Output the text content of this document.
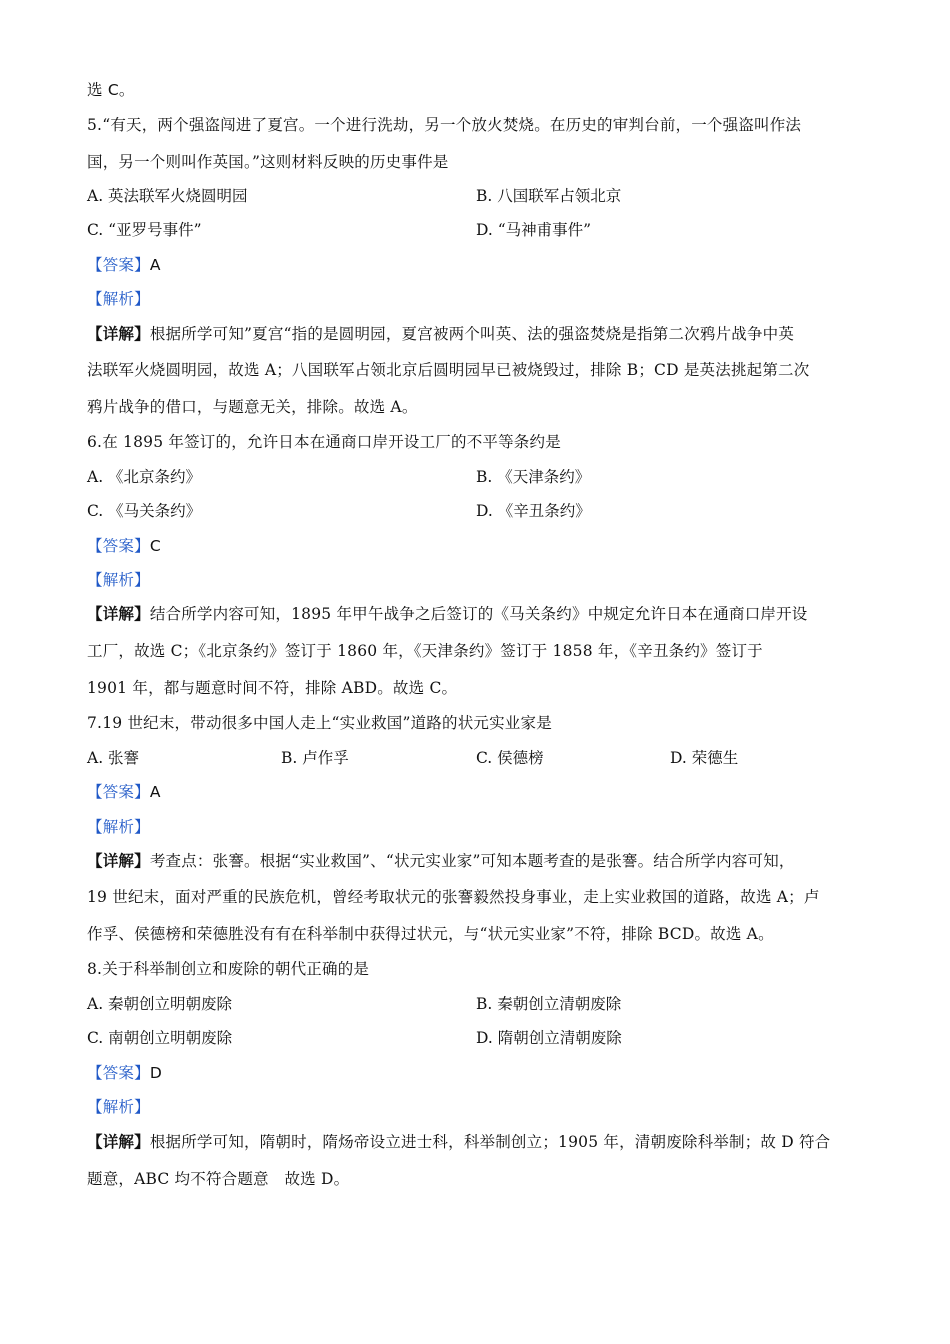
选 C。
5.“有天，两个强盗闯进了夏宫。一个进行洗劫，另一个放火焚烧。在历史的审判台前，一个强盗叫作法
国，另一个则叫作英国。”这则材料反映的历史事件是
A. 英法联军火烧圆明园	B. 八国联军占领北京
C. “亚罗号事件”	D. “马神甫事件”
【答案】A
【解析】
【详解】根据所学可知”夏宫“指的是圆明园，夏宫被两个叫英、法的强盗焚烧是指第二次鸦片战争中英
法联军火烧圆明园，故选 A；八国联军占领北京后圆明园早已被烧毁过，排除 B；CD 是英法挑起第二次
鸦片战争的借口，与题意无关，排除。故选 A。
6.在 1895 年签订的，允许日本在通商口岸开设工厂的不平等条约是
A. 《北京条约》	B. 《天津条约》
C. 《马关条约》	D. 《辛丑条约》
【答案】C
【解析】
【详解】结合所学内容可知，1895 年甲午战争之后签订的《马关条约》中规定允许日本在通商口岸开设
工厂，故选 C；《北京条约》签订于 1860 年，《天津条约》签订于 1858 年，《辛丑条约》签订于
1901 年，都与题意时间不符，排除 ABD。故选 C。
7.19 世纪末，带动很多中国人走上“实业救国”道路的状元实业家是
A. 张謇	B. 卢作孚	C. 侯德榜	D. 荣德生
【答案】A
【解析】
【详解】考查点：张謇。根据“实业救国”、“状元实业家”可知本题考查的是张謇。结合所学内容可知，
19 世纪末，面对严重的民族危机，曾经考取状元的张謇毅然投身事业，走上实业救国的道路，故选 A；卢
作孚、侯德榜和荣德胜没有有在科举制中获得过状元，与“状元实业家”不符，排除 BCD。故选 A。
8.关于科举制创立和废除的朝代正确的是
A. 秦朝创立明朝废除	B. 秦朝创立清朝废除
C. 南朝创立明朝废除	D. 隋朝创立清朝废除
【答案】D
【解析】
【详解】根据所学可知，隋朝时，隋炀帝设立进士科，科举制创立；1905 年，清朝废除科举制；故 D 符合
题意，ABC 均不符合题意　故选 D。
